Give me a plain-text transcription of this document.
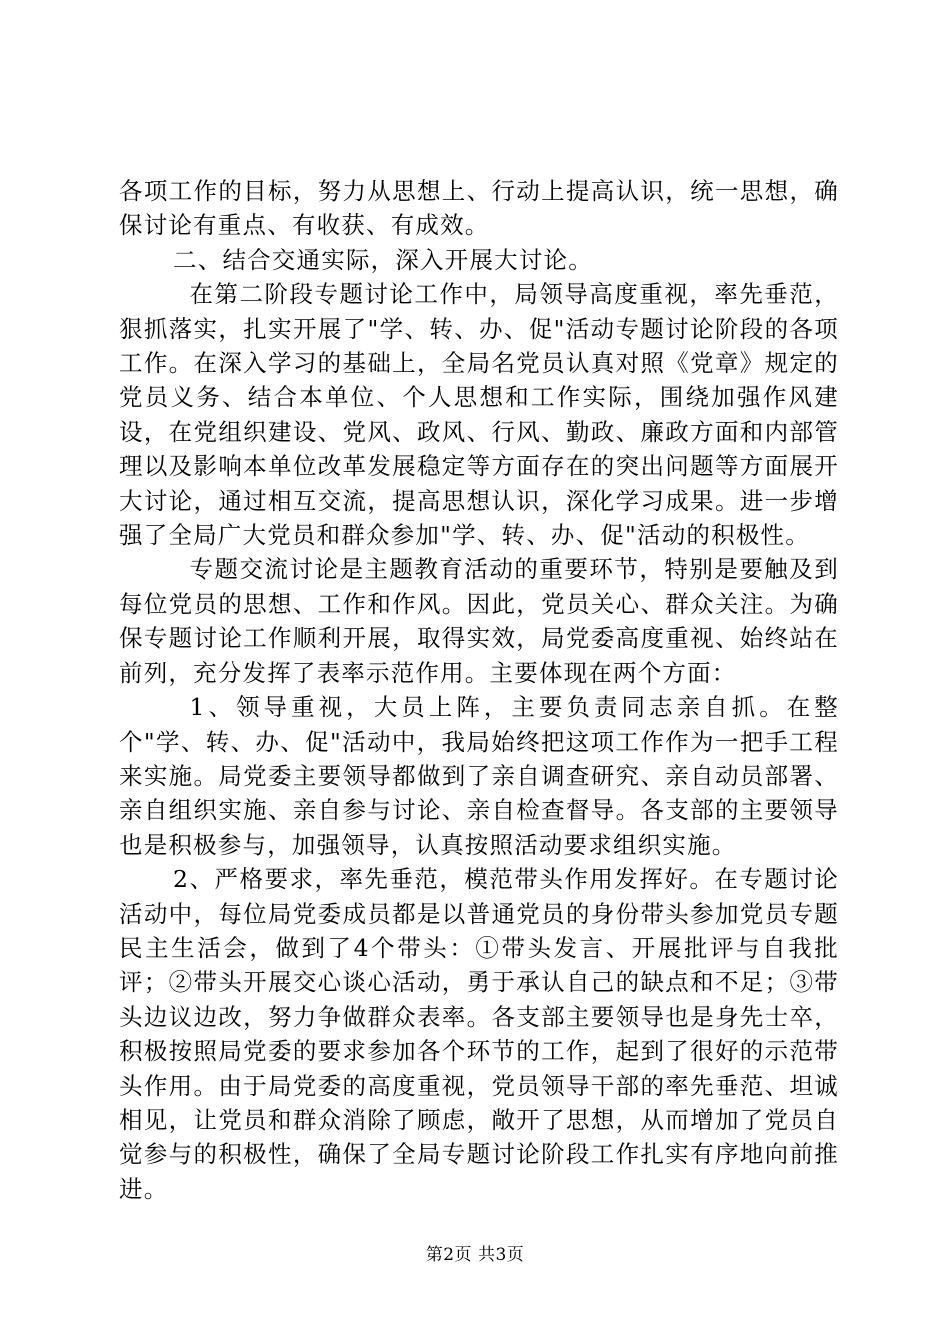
各项工作的目标，努力从思想上、行动上提高认识，统一思想，确保讨论有重点、有收获、有成效。

二、结合交通实际，深入开展大讨论。

在第二阶段专题讨论工作中，局领导高度重视，率先垂范，狠抓落实，扎实开展了"学、转、办、促"活动专题讨论阶段的各项工作。在深入学习的基础上，全局名党员认真对照《党章》规定的党员义务、结合本单位、个人思想和工作实际，围绕加强作风建设，在党组织建设、党风、政风、行风、勤政、廉政方面和内部管理以及影响本单位改革发展稳定等方面存在的突出问题等方面展开大讨论，通过相互交流，提高思想认识，深化学习成果。进一步增强了全局广大党员和群众参加"学、转、办、促"活动的积极性。

专题交流讨论是主题教育活动的重要环节，特别是要触及到每位党员的思想、工作和作风。因此，党员关心、群众关注。为确保专题讨论工作顺利开展，取得实效，局党委高度重视、始终站在前列，充分发挥了表率示范作用。主要体现在两个方面：

1、领导重视，大员上阵，主要负责同志亲自抓。在整个"学、转、办、促"活动中，我局始终把这项工作作为一把手工程来实施。局党委主要领导都做到了亲自调查研究、亲自动员部署、亲自组织实施、亲自参与讨论、亲自检查督导。各支部的主要领导也是积极参与，加强领导，认真按照活动要求组织实施。

2、严格要求，率先垂范，模范带头作用发挥好。在专题讨论活动中，每位局党委成员都是以普通党员的身份带头参加党员专题民主生活会，做到了4个带头：①带头发言、开展批评与自我批评；②带头开展交心谈心活动，勇于承认自己的缺点和不足；③带头边议边改，努力争做群众表率。各支部主要领导也是身先士卒，积极按照局党委的要求参加各个环节的工作，起到了很好的示范带头作用。由于局党委的高度重视，党员领导干部的率先垂范、坦诚相见，让党员和群众消除了顾虑，敞开了思想，从而增加了党员自觉参与的积极性，确保了全局专题讨论阶段工作扎实有序地向前推进。

第2页 共3页
